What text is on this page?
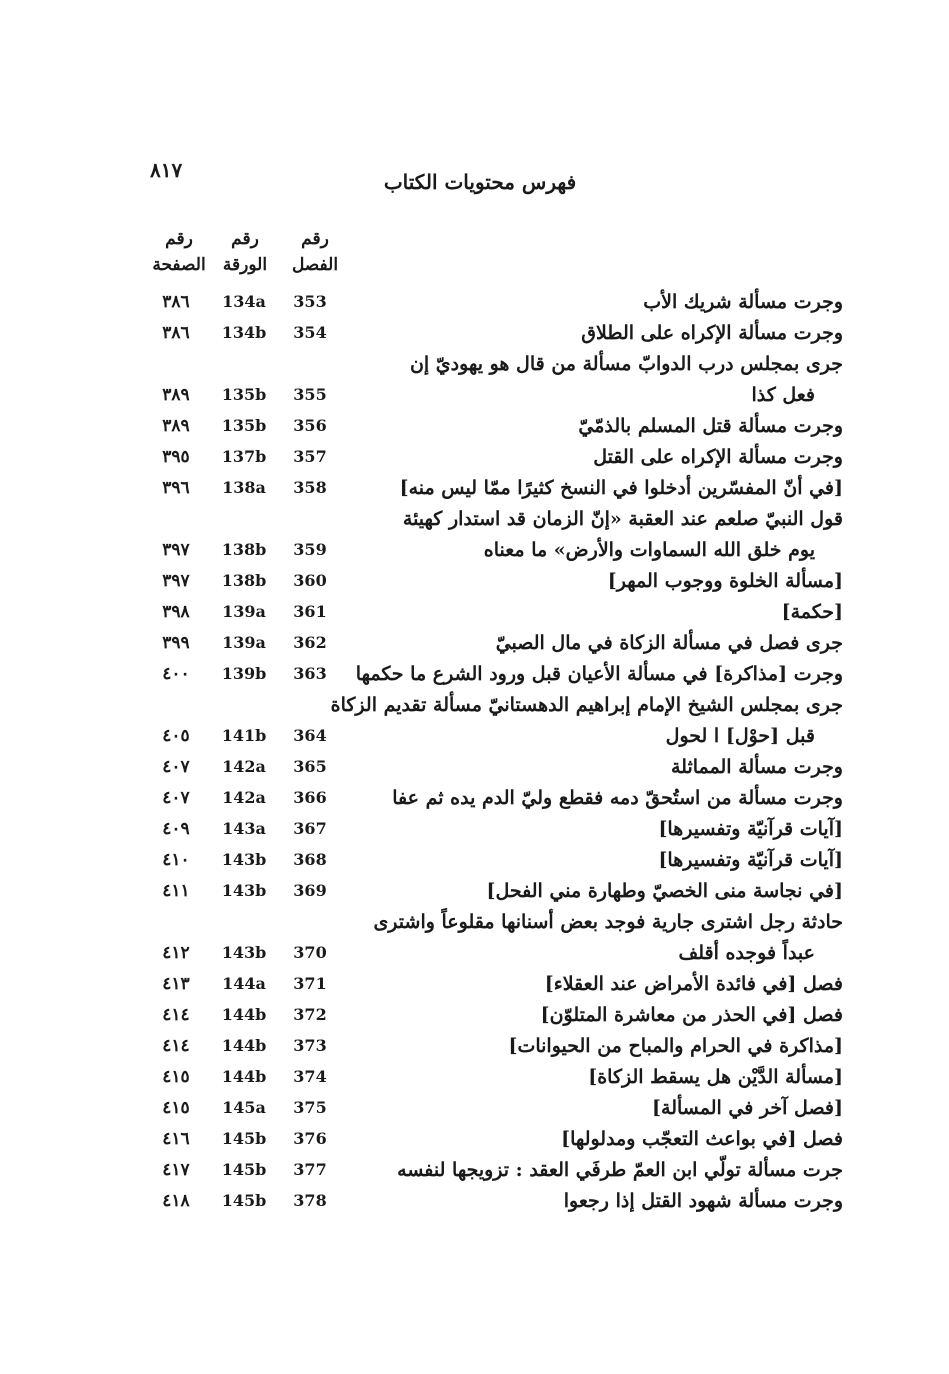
٨١٧	فهرس محتويات الكتاب
رقم
الصفحة
رقم
الورقة
رقم
الفصل
وجرت مسألة شريك الأب
353
134a
٣٨٦
وجرت مسألة الإكراه على الطلاق
354
134b
٣٨٦
جرى بمجلس درب الدوابّ مسألة من قال هو يهوديّ إن
فعل كذا
355
135b
٣٨٩
وجرت مسألة قتل المسلم بالذمّيّ
356
135b
٣٨٩
وجرت مسألة الإكراه على القتل
357
137b
٣٩٥
[في أنّ المفسّرين أدخلوا في النسخ كثيرًا ممّا ليس منه]
358
138a
٣٩٦
قول النبيّ صلعم عند العقبة «إنّ الزمان قد استدار كهيئة
يوم خلق الله السماوات والأرض» ما معناه
359
138b
٣٩٧
[مسألة الخلوة ووجوب المهر]
360
138b
٣٩٧
[حكمة]
361
139a
٣٩٨
جرى فصل في مسألة الزكاة في مال الصبيّ
362
139a
٣٩٩
وجرت [مذاكرة] في مسألة الأعيان قبل ورود الشرع ما حكمها
363
139b
٤٠٠
جرى بمجلس الشيخ الإمام إبراهيم الدهستانيّ مسألة تقديم الزكاة
قبل [حوْل] ا لحول
364
141b
٤٠٥
وجرت مسألة المماثلة
365
142a
٤٠٧
وجرت مسألة من استُحقّ دمه فقطع وليّ الدم يده ثم عفا
366
142a
٤٠٧
[آيات قرآنيّة وتفسيرها]
367
143a
٤٠٩
[آيات قرآنيّة وتفسيرها]
368
143b
٤١٠
[في نجاسة منى الخصيّ وطهارة مني الفحل]
369
143b
٤١١
حادثة رجل اشترى جارية فوجد بعض أسنانها مقلوعاً واشترى
عبداً فوجده أقلف
370
143b
٤١٢
فصل [في فائدة الأمراض عند العقلاء]
371
144a
٤١٣
فصل [في الحذر من معاشرة المتلوّن]
372
144b
٤١٤
[مذاكرة في الحرام والمباح من الحيوانات]
373
144b
٤١٤
[مسألة الدَّيْن هل يسقط الزكاة]
374
144b
٤١٥
[فصل آخر في المسألة]
375
145a
٤١٥
فصل [في بواعث التعجّب ومدلولها]
376
145b
٤١٦
جرت مسألة تولّي ابن العمّ طرفَي العقد : تزويجها لنفسه
377
145b
٤١٧
وجرت مسألة شهود القتل إذا رجعوا
378
145b
٤١٨
